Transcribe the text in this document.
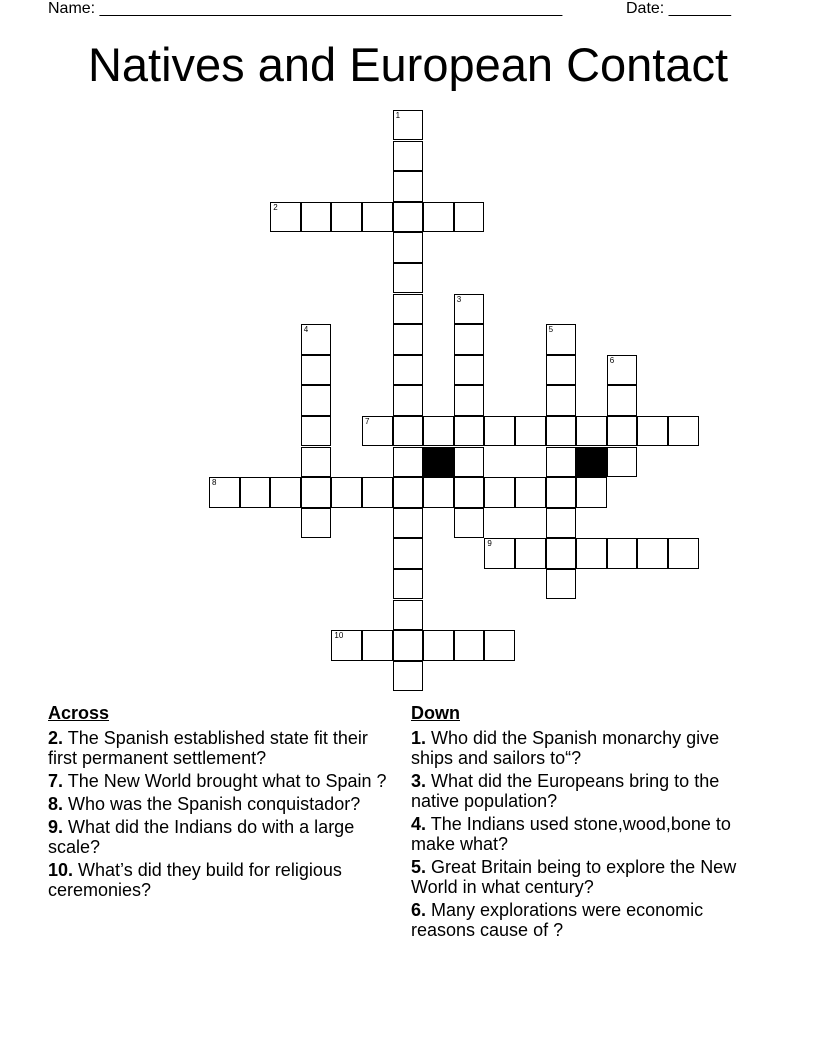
Name: ____________________________________________________	Date: _______
Natives and European Contact
1
2
3
4	5
6
7
8
9
10
Across
2. The Spanish established state fit their first permanent settlement?
7. The New World brought what to Spain ?
8. Who was the Spanish conquistador?
9. What did the Indians do with a large scale?
10. What’s did they build for religious ceremonies?
Down
1. Who did the Spanish monarchy give ships and sailors to“?
3. What did the Europeans bring to the native population?
4. The Indians used stone,wood,bone to make what?
5. Great Britain being to explore the New World in what century?
6. Many explorations were economic reasons cause of ?
